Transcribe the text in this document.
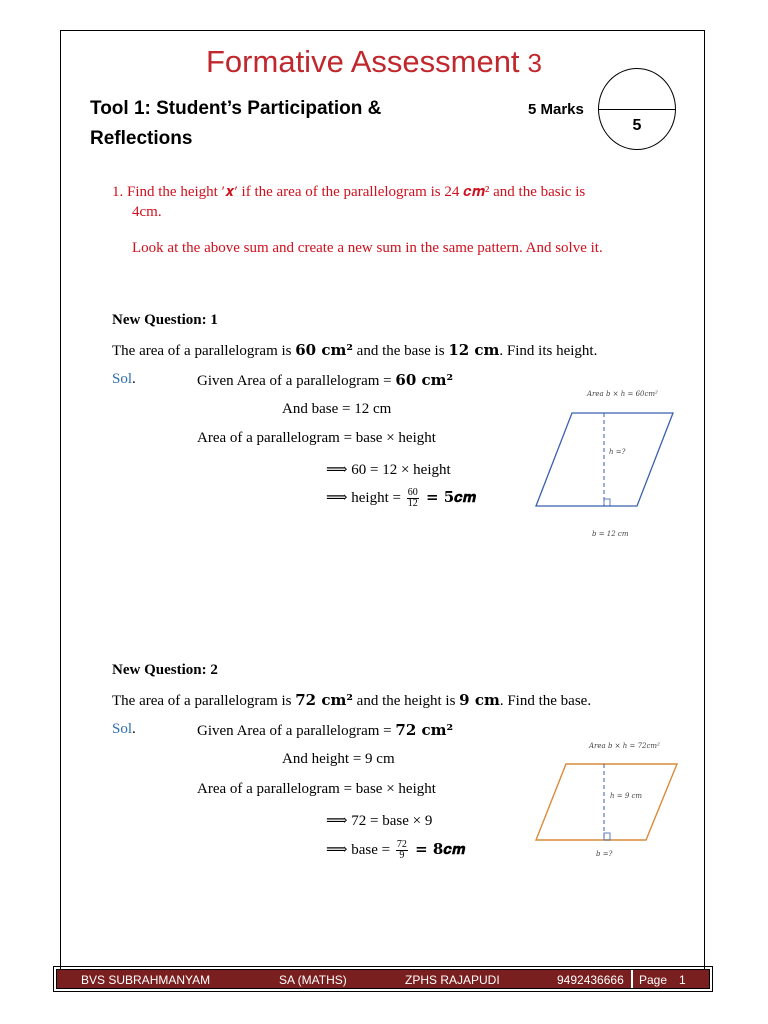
Formative Assessment 3
Tool 1: Student’s Participation &
Reflections
5 Marks
5
1. Find the height ′𝒙′ if the area of the parallelogram is 24 𝒄𝒎² and the basic is
4cm.
Look at the above sum and create a new sum in the same pattern. And solve it.
New Question: 1
The area of a parallelogram is 60 cm² and the base is 12 cm. Find its height.
Sol.	Given Area of a parallelogram = 60 cm²
And base = 12 cm
Area of a parallelogram = base × height
⟹ 60 = 12 × height
⟹ height = $\frac{60}{12}$ = 𝟓𝒄𝒎
Area b × h = 60cm²
h =?
b = 12 cm
New Question: 2
The area of a parallelogram is 72 cm² and the height is 9 cm. Find the base.
Sol.	Given Area of a parallelogram = 72 cm²
And height = 9 cm
Area of a parallelogram = base × height
⟹ 72 = base × 9
⟹ base = $\frac{72}{9}$ = 8𝒄𝒎
Area b × h = 72cm²
h = 9 cm
b =?
BVS SUBRAHMANYAM	SA (MATHS)	ZPHS RAJAPUDI	9492436666 Page 1
